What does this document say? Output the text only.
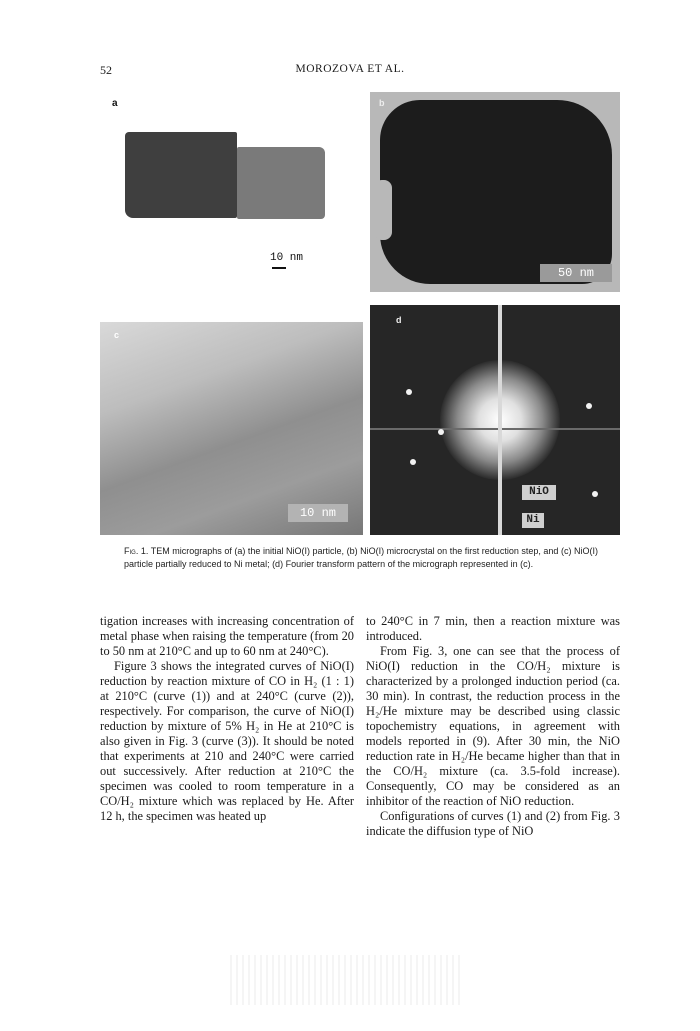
52	MOROZOVA ET AL.
a
10 nm
b
50 nm
c
10 nm
d
NiO
Ni
Fig. 1. TEM micrographs of (a) the initial NiO(I) particle, (b) NiO(I) microcrystal on the first reduction step, and (c) NiO(I) particle partially reduced to Ni metal; (d) Fourier transform pattern of the micrograph represented in (c).

tigation increases with increasing concentration of metal phase when raising the temperature (from 20 to 50 nm at 210°C and up to 60 nm at 240°C).

Figure 3 shows the integrated curves of NiO(I) reduction by reaction mixture of CO in H₂ (1 : 1) at 210°C (curve (1)) and at 240°C (curve (2)), respectively. For comparison, the curve of NiO(I) reduction by mixture of 5% H₂ in He at 210°C is also given in Fig. 3 (curve (3)). It should be noted that experiments at 210 and 240°C were carried out successively. After reduction at 210°C the specimen was cooled to room temperature in a CO/H₂ mixture which was replaced by He. After 12 h, the specimen was heated up

to 240°C in 7 min, then a reaction mixture was introduced.

From Fig. 3, one can see that the process of NiO(I) reduction in the CO/H₂ mixture is characterized by a prolonged induction period (ca. 30 min). In contrast, the reduction process in the H₂/He mixture may be described using classic topochemistry equations, in agreement with models reported in (9). After 30 min, the NiO reduction rate in H₂/He became higher than that in the CO/H₂ mixture (ca. 3.5-fold increase). Consequently, CO may be considered as an inhibitor of the reaction of NiO reduction.

Configurations of curves (1) and (2) from Fig. 3 indicate the diffusion type of NiO
